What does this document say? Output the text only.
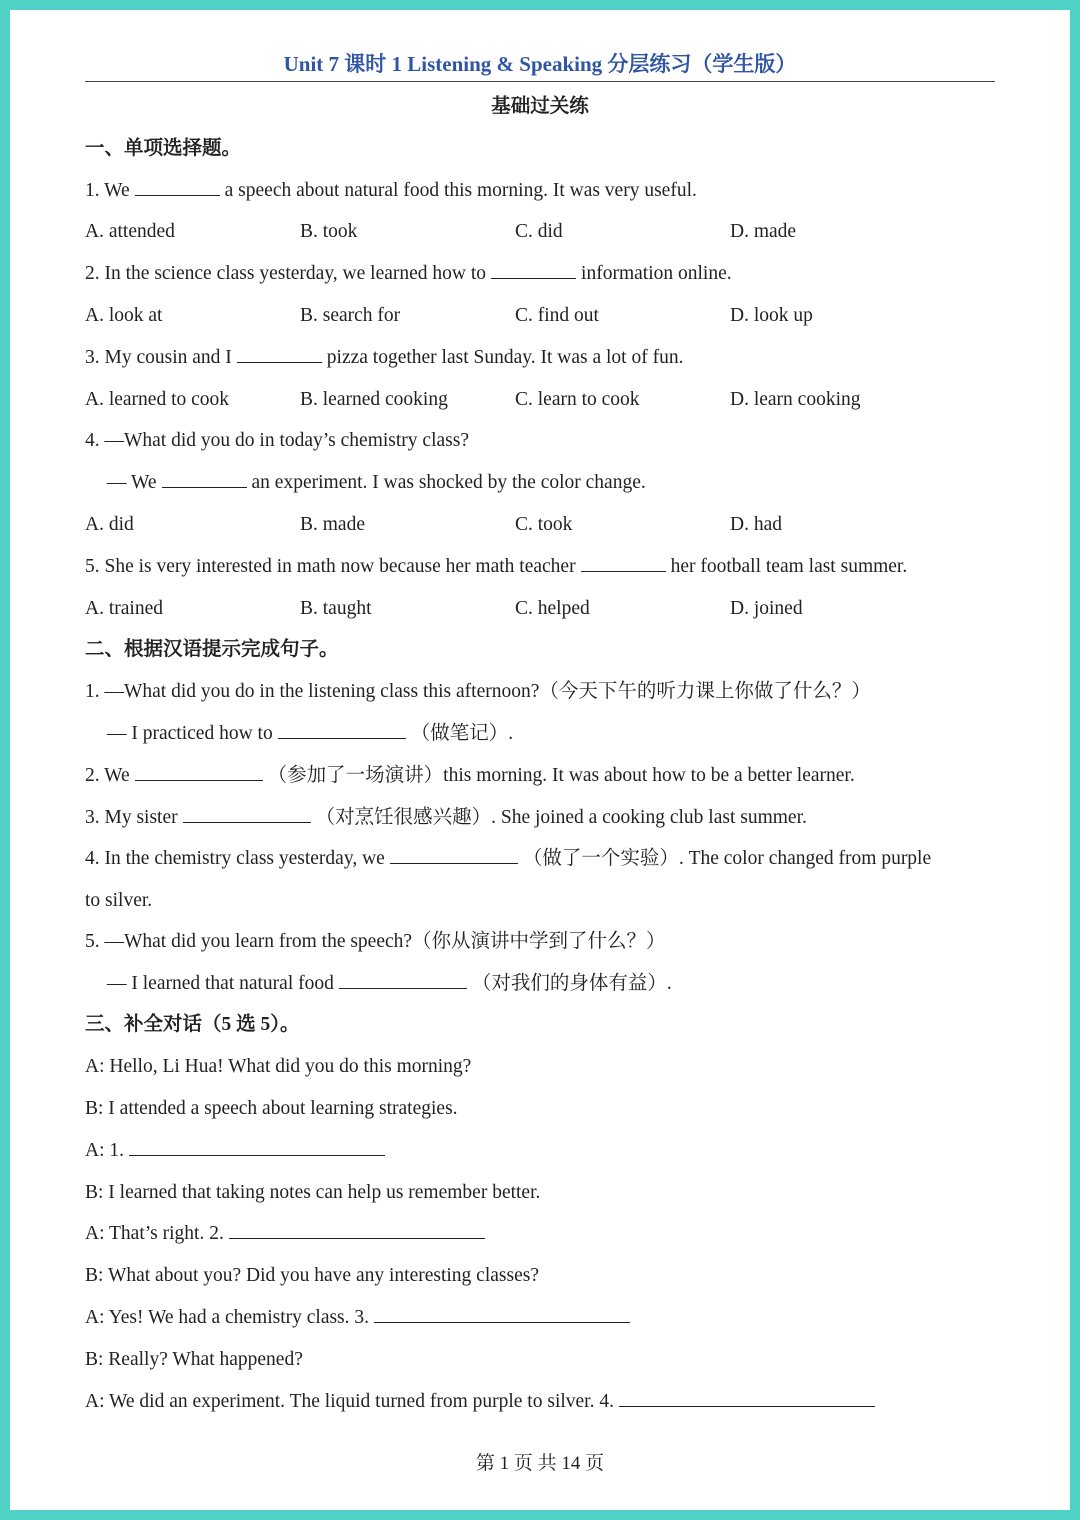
Unit 7 课时 1 Listening & Speaking 分层练习（学生版）
基础过关练
一、单项选择题。
1. We	a speech about natural food this morning. It was very useful.
A. attended	B. took	C. did	D. made
2. In the science class yesterday, we learned how to	information online.
A. look at	B. search for	C. find out	D. look up
3. My cousin and I	pizza together last Sunday. It was a lot of fun.
A. learned to cook	B. learned cooking	C. learn to cook	D. learn cooking
4. —What did you do in today’s chemistry class?
— We	an experiment. I was shocked by the color change.
A. did	B. made	C. took	D. had
5. She is very interested in math now because her math teacher	her football team last summer.
A. trained	B. taught	C. helped	D. joined
二、根据汉语提示完成句子。
1. —What did you do in the listening class this afternoon?（今天下午的听力课上你做了什么？）
— I practiced how to	（做笔记）.
2. We	（参加了一场演讲）this morning. It was about how to be a better learner.
3. My sister	（对烹饪很感兴趣）. She joined a cooking club last summer.
4. In the chemistry class yesterday, we	（做了一个实验）. The color changed from purple
to silver.
5. —What did you learn from the speech?（你从演讲中学到了什么？）
— I learned that natural food	（对我们的身体有益）.
三、补全对话（5 选 5）。
A: Hello, Li Hua! What did you do this morning?
B: I attended a speech about learning strategies.
A: 1.
B: I learned that taking notes can help us remember better.
A: That’s right. 2.
B: What about you? Did you have any interesting classes?
A: Yes! We had a chemistry class. 3.
B: Really? What happened?
A: We did an experiment. The liquid turned from purple to silver. 4.
第 1 页 共 14 页
